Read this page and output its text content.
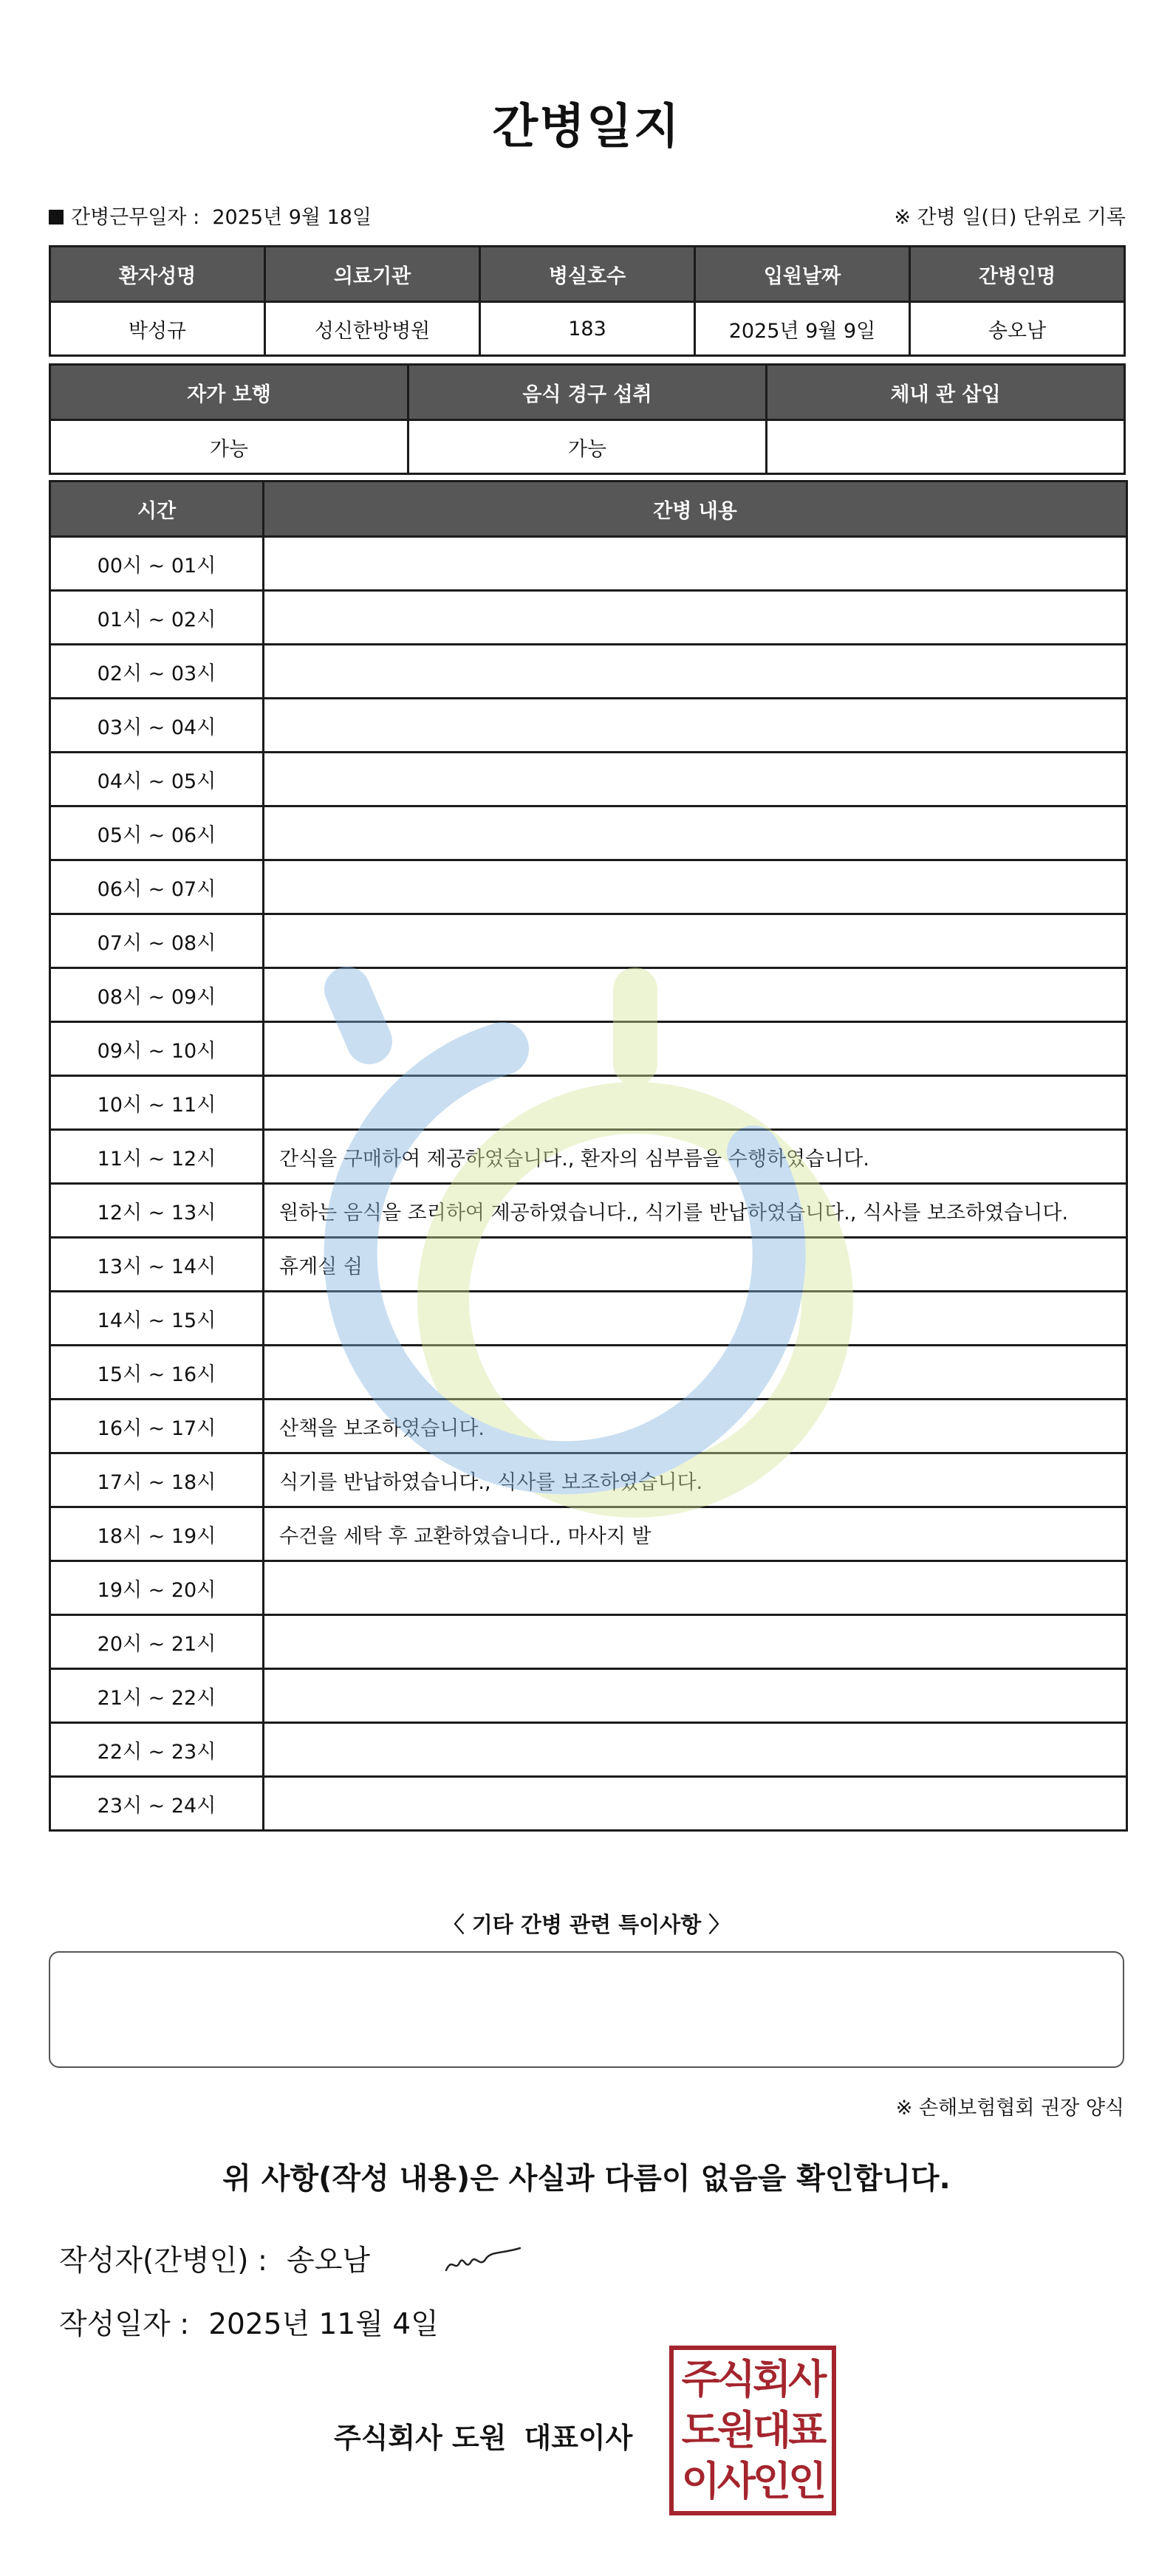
간병일지
간병근무일자 : 2025년 9월 18일	※ 간병 일(日) 단위로 기록
환자성명	의료기관	병실호수	입원날짜	간병인명
박성규	성신한방병원	183	2025년 9월 9일	송오남
자가 보행	음식 경구 섭취	체내 관 삽입
가능	가능	
시간	간병 내용
00시 ~ 01시	
01시 ~ 02시	
02시 ~ 03시	
03시 ~ 04시	
04시 ~ 05시	
05시 ~ 06시	
06시 ~ 07시	
07시 ~ 08시	
08시 ~ 09시	
09시 ~ 10시	
10시 ~ 11시	
11시 ~ 12시	간식을 구매하여 제공하였습니다., 환자의 심부름을 수행하였습니다.
12시 ~ 13시	원하는 음식을 조리하여 제공하였습니다., 식기를 반납하였습니다., 식사를 보조하였습니다.
13시 ~ 14시	휴게실 쉼
14시 ~ 15시	
15시 ~ 16시	
16시 ~ 17시	산책을 보조하였습니다.
17시 ~ 18시	식기를 반납하였습니다., 식사를 보조하였습니다.
18시 ~ 19시	수건을 세탁 후 교환하였습니다., 마사지 발
19시 ~ 20시	
20시 ~ 21시	
21시 ~ 22시	
22시 ~ 23시	
23시 ~ 24시	
〈 기타 간병 관련 특이사항 〉
※ 손해보험협회 권장 양식
위 사항(작성 내용)은 사실과 다름이 없음을 확인합니다.
작성자(간병인) : 송오남
작성일자 : 2025년 11월 4일
주식회사 도원 대표이사
주식회사
도원대표
이사인인
